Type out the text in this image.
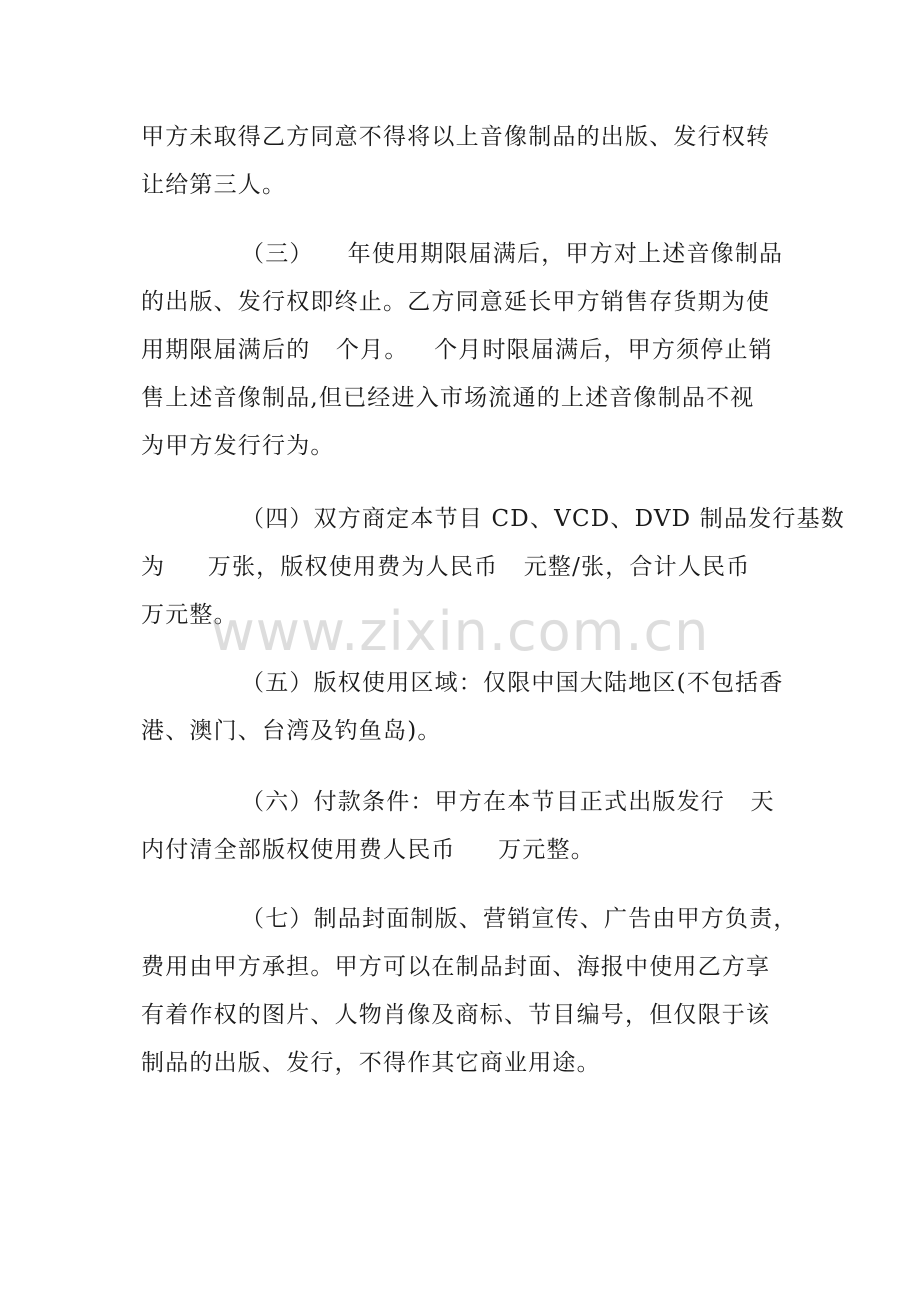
甲方未取得乙方同意不得将以上音像制品的出版、发行权转
让给第三人。
（三）    年使用期限届满后，甲方对上述音像制品
的出版、发行权即终止。乙方同意延长甲方销售存货期为使
用期限届满后的   个月。   个月时限届满后，甲方须停止销
售上述音像制品,但已经进入市场流通的上述音像制品不视
为甲方发行行为。
（四）双方商定本节目 CD、VCD、DVD 制品发行基数
为     万张，版权使用费为人民币   元整/张，合计人民币
万元整。
（五）版权使用区域：仅限中国大陆地区(不包括香
港、澳门、台湾及钓鱼岛)。
（六）付款条件：甲方在本节目正式出版发行   天
内付清全部版权使用费人民币     万元整。
（七）制品封面制版、营销宣传、广告由甲方负责，
费用由甲方承担。甲方可以在制品封面、海报中使用乙方享
有着作权的图片、人物肖像及商标、节目编号，但仅限于该
制品的出版、发行，不得作其它商业用途。
www.zixin.com.cn
